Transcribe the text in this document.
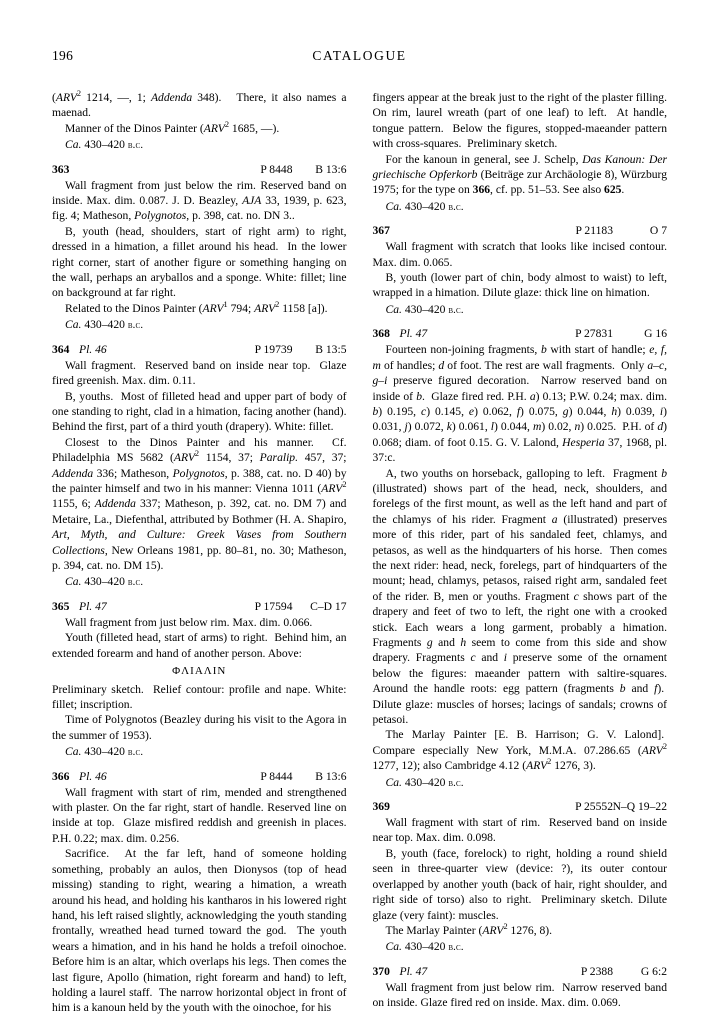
196	CATALOGUE

(ARV$^2$ 1214, —, 1; Addenda 348).   There, it also names a maenad.

Manner of the Dinos Painter (ARV$^2$ 1685, —).

Ca. 430–420 b.c.

363	P 8448 B 13:6

Wall fragment from just below the rim. Reserved band on inside. Max. dim. 0.087. J. D. Beazley, AJA 33, 1939, p. 623, fig. 4; Matheson, Polygnotos, p. 398, cat. no. DN 3..

B, youth (head, shoulders, start of right arm) to right, dressed in a himation, a fillet around his head.  In the lower right corner, start of another figure or something hanging on the wall, perhaps an aryballos and a sponge. White: fillet; line on background at far right.

Related to the Dinos Painter (ARV$^1$ 794; ARV$^2$ 1158 [a]).

Ca. 430–420 b.c.

364 Pl. 46	P 19739 B 13:5

Wall fragment.  Reserved band on inside near top.  Glaze fired greenish. Max. dim. 0.11.

B, youths.  Most of filleted head and upper part of body of one standing to right, clad in a himation, facing another (hand). Behind the first, part of a third youth (drapery). White: fillet.

Closest to the Dinos Painter and his manner.  Cf. Philadelphia MS 5682 (ARV$^2$ 1154, 37; Paralip. 457, 37; Addenda 336; Matheson, Polygnotos, p. 388, cat. no. D 40) by the painter himself and two in his manner: Vienna 1011 (ARV$^2$ 1155, 6; Addenda 337; Matheson, p. 392, cat. no. DM 7) and Metaire, La., Diefenthal, attributed by Bothmer (H. A. Shapiro, Art, Myth, and Culture: Greek Vases from Southern Collections, New Orleans 1981, pp. 80–81, no. 30; Matheson, p. 394, cat. no. DM 15).

Ca. 430–420 b.c.

365 Pl. 47	P 17594 C–D 17

Wall fragment from just below rim. Max. dim. 0.066.

Youth (filleted head, start of arms) to right.  Behind him, an extended forearm and hand of another person. Above:

ΦΛΙΑΛΙΝ

Preliminary sketch.  Relief contour: profile and nape. White: fillet; inscription.

Time of Polygnotos (Beazley during his visit to the Agora in the summer of 1953).

Ca. 430–420 b.c.

366 Pl. 46	P 8444 B 13:6

Wall fragment with start of rim, mended and strengthened with plaster. On the far right, start of handle. Reserved line on inside at top.  Glaze misfired reddish and greenish in places. P.H. 0.22; max. dim. 0.256.

Sacrifice.  At the far left, hand of someone holding something, probably an aulos, then Dionysos (top of head missing) standing to right, wearing a himation, a wreath around his head, and holding his kantharos in his lowered right hand, his left raised slightly, acknowledging the youth standing frontally, wreathed head turned toward the god.  The youth wears a himation, and in his hand he holds a trefoil oinochoe. Before him is an altar, which overlaps his legs. Then comes the last figure, Apollo (himation, right forearm and hand) to left, holding a laurel staff.  The narrow horizontal object in front of him is a kanoun held by the youth with the oinochoe, for his

fingers appear at the break just to the right of the plaster filling. On rim, laurel wreath (part of one leaf) to left.  At handle, tongue pattern.  Below the figures, stopped-maeander pattern with cross-squares.  Preliminary sketch.

For the kanoun in general, see J. Schelp, Das Kanoun: Der griechische Opferkorb (Beiträge zur Archäologie 8), Würzburg 1975; for the type on 366, cf. pp. 51–53. See also 625.

Ca. 430–420 b.c.

367	P 21183	O 7

Wall fragment with scratch that looks like incised contour. Max. dim. 0.065.

B, youth (lower part of chin, body almost to waist) to left, wrapped in a himation. Dilute glaze: thick line on himation.

Ca. 430–420 b.c.

368 Pl. 47	P 27831	G 16

Fourteen non-joining fragments, b with start of handle; e, f, m of handles; d of foot. The rest are wall fragments.  Only a–c, g–i preserve figured decoration.  Narrow reserved band on inside of b.  Glaze fired red. P.H. a) 0.13; P.W. 0.24; max. dim. b) 0.195, c) 0.145, e) 0.062, f) 0.075, g) 0.044, h) 0.039, i) 0.031, j) 0.072, k) 0.061, l) 0.044, m) 0.02, n) 0.025.  P.H. of d) 0.068; diam. of foot 0.15. G. V. Lalond, Hesperia 37, 1968, pl. 37:c.

A, two youths on horseback, galloping to left.  Fragment b (illustrated) shows part of the head, neck, shoulders, and forelegs of the first mount, as well as the left hand and part of the chlamys of his rider. Fragment a (illustrated) preserves more of this rider, part of his sandaled feet, chlamys, and petasos, as well as the hindquarters of his horse.  Then comes the next rider: head, neck, forelegs, part of hindquarters of the mount; head, chlamys, petasos, raised right arm, sandaled feet of the rider. B, men or youths. Fragment c shows part of the drapery and feet of two to left, the right one with a crooked stick. Each wears a long garment, probably a himation. Fragments g and h seem to come from this side and show drapery. Fragments c and i preserve some of the ornament below the figures: maeander pattern with saltire-squares. Around the handle roots: egg pattern (fragments b and f).  Dilute glaze: muscles of horses; lacings of sandals; crowns of petasoi.

The Marlay Painter [E. B. Harrison; G. V. Lalond].  Compare especially New York, M.M.A. 07.286.65 (ARV$^2$ 1277, 12); also Cambridge 4.12 (ARV$^2$ 1276, 3).

Ca. 430–420 b.c.

369	P 25552 N–Q 19–22

Wall fragment with start of rim.  Reserved band on inside near top. Max. dim. 0.098.

B, youth (face, forelock) to right, holding a round shield seen in three-quarter view (device: ?), its outer contour overlapped by another youth (back of hair, right shoulder, and right side of torso) also to right.  Preliminary sketch. Dilute glaze (very faint): muscles.

The Marlay Painter (ARV$^2$ 1276, 8).

Ca. 430–420 b.c.

370 Pl. 47	P 2388 G 6:2

Wall fragment from just below rim.  Narrow reserved band on inside. Glaze fired red on inside. Max. dim. 0.069.
